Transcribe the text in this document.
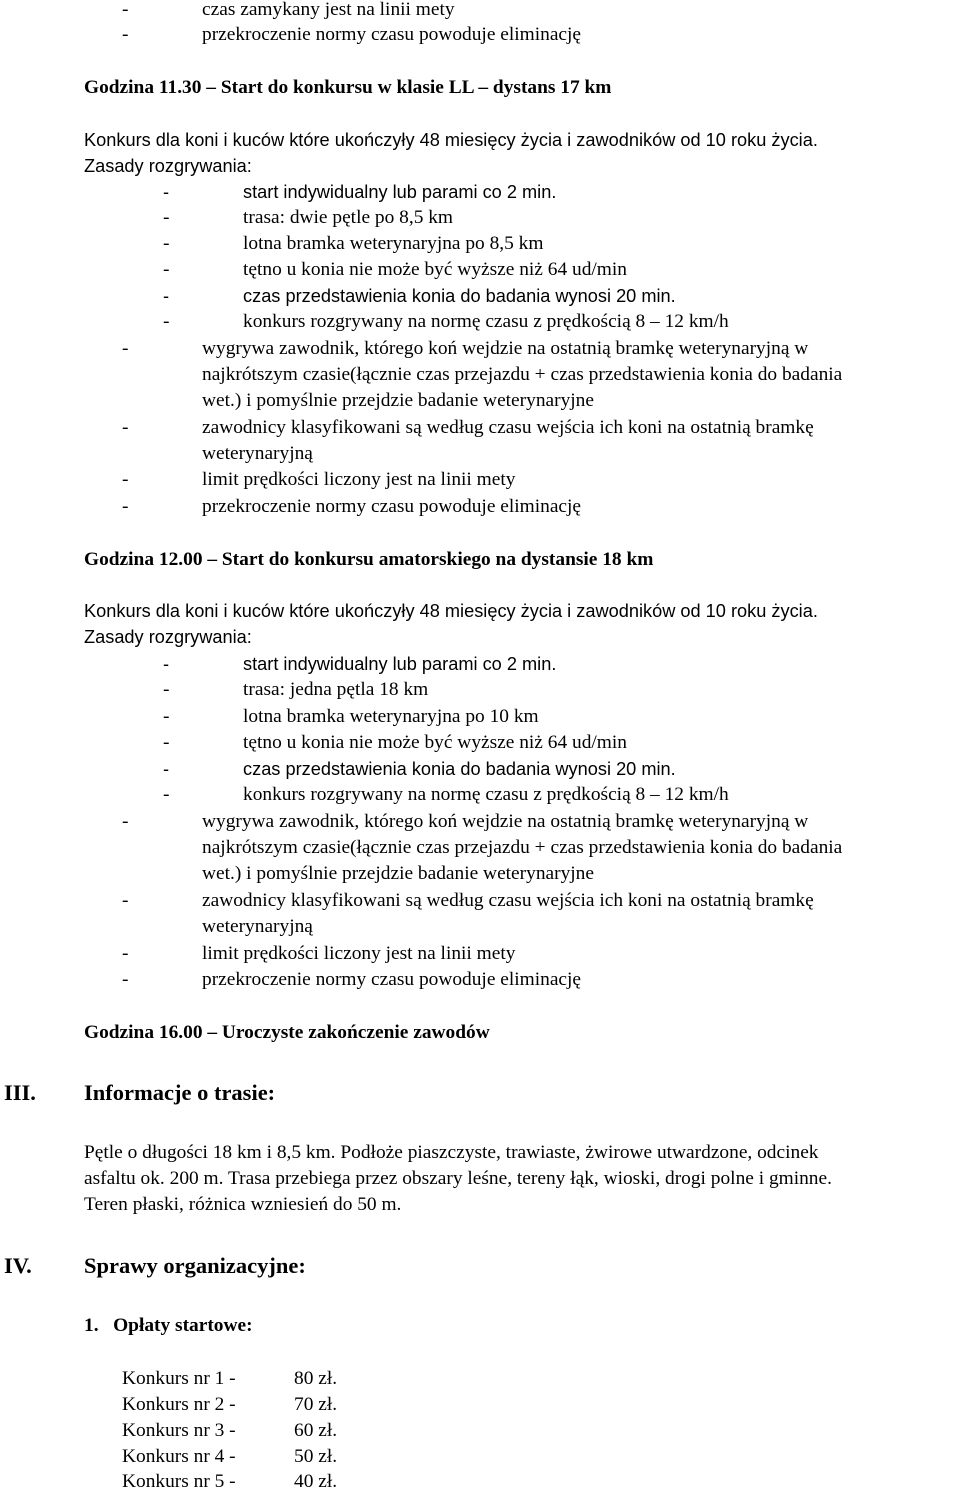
-	czas zamykany jest na linii mety
-	przekroczenie normy czasu powoduje eliminację
Godzina 11.30 – Start do konkursu w klasie LL – dystans 17 km
Konkurs dla koni i kuców które ukończyły 48 miesięcy życia i zawodników od 10 roku życia.
Zasady rozgrywania:
-	start indywidualny lub parami co 2 min.
-	trasa: dwie pętle po 8,5 km
-	lotna bramka weterynaryjna po 8,5 km
-	tętno u konia nie może być wyższe niż 64 ud/min
-	czas przedstawienia konia do badania wynosi 20 min.
-	konkurs rozgrywany na normę czasu z prędkością 8 – 12 km/h
-	wygrywa zawodnik, którego koń wejdzie na ostatnią bramkę weterynaryjną w
najkrótszym czasie(łącznie czas przejazdu + czas przedstawienia konia do badania
wet.) i pomyślnie przejdzie badanie weterynaryjne
-	zawodnicy klasyfikowani są według czasu wejścia ich koni na ostatnią bramkę
weterynaryjną
-	limit prędkości liczony jest na linii mety
-	przekroczenie normy czasu powoduje eliminację
Godzina 12.00 – Start do konkursu amatorskiego na dystansie 18 km
Konkurs dla koni i kuców które ukończyły 48 miesięcy życia i zawodników od 10 roku życia.
Zasady rozgrywania:
-	start indywidualny lub parami co 2 min.
-	trasa: jedna pętla 18 km
-	lotna bramka weterynaryjna po 10 km
-	tętno u konia nie może być wyższe niż 64 ud/min
-	czas przedstawienia konia do badania wynosi 20 min.
-	konkurs rozgrywany na normę czasu z prędkością 8 – 12 km/h
-	wygrywa zawodnik, którego koń wejdzie na ostatnią bramkę weterynaryjną w
najkrótszym czasie(łącznie czas przejazdu + czas przedstawienia konia do badania
wet.) i pomyślnie przejdzie badanie weterynaryjne
-	zawodnicy klasyfikowani są według czasu wejścia ich koni na ostatnią bramkę
weterynaryjną
-	limit prędkości liczony jest na linii mety
-	przekroczenie normy czasu powoduje eliminację
Godzina 16.00 – Uroczyste zakończenie zawodów
III. Informacje o trasie:
Pętle o długości 18 km i 8,5 km. Podłoże piaszczyste, trawiaste, żwirowe utwardzone, odcinek
asfaltu ok. 200 m. Trasa przebiega przez obszary leśne, tereny łąk, wioski, drogi polne i gminne.
Teren płaski, różnica wzniesień do 50 m.
IV. Sprawy organizacyjne:
1.   Opłaty startowe:
Konkurs nr 1 -	80 zł.
Konkurs nr 2 -	70 zł.
Konkurs nr 3 -	60 zł.
Konkurs nr 4 -	50 zł.
Konkurs nr 5 -	40 zł.
